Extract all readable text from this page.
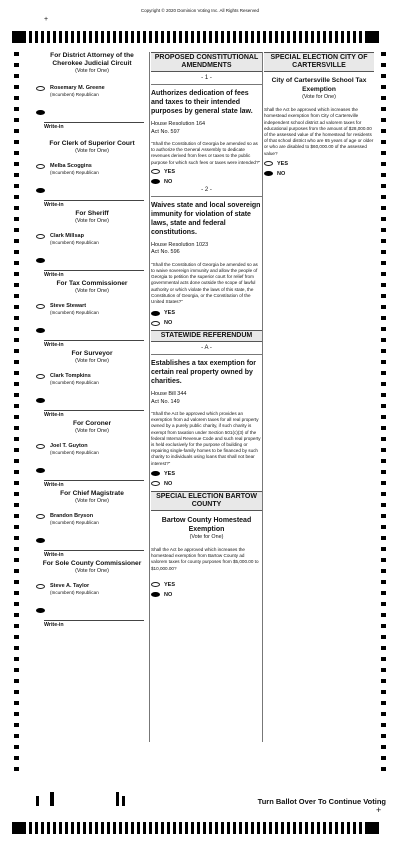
Copyright © 2020 Dominion Voting Inc. All Rights Reserved
+
For District Attorney of the Cherokee Judicial Circuit
(Vote for One)
Rosemary M. Greene
(Incumbent) Republican
Write-in
For Clerk of Superior Court
(Vote for One)
Melba Scoggins
(Incumbent) Republican
Write-in
For Sheriff
(Vote for One)
Clark Millsap
(Incumbent) Republican
Write-in
For Tax Commissioner
(Vote for One)
Steve Stewart
(Incumbent) Republican
Write-in
For Surveyor
(Vote for One)
Clark Tompkins
(Incumbent) Republican
Write-in
For Coroner
(Vote for One)
Joel T. Guyton
(Incumbent) Republican
Write-in
For Chief Magistrate
(Vote for One)
Brandon Bryson
(Incumbent) Republican
Write-in
For Sole County Commissioner
(Vote for One)
Steve A. Taylor
(Incumbent) Republican
Write-in
PROPOSED CONSTITUTIONAL AMENDMENTS
- 1 -
Authorizes dedication of fees and taxes to their intended purposes by general state law.
House Resolution 164
Act No. 597
"Shall the Constitution of Georgia be amended so as to authorize the General Assembly to dedicate revenues derived from fees or taxes to the public purpose for which such fees or taxes were intended?"
YES
NO
- 2 -
Waives state and local sovereign immunity for violation of state laws, state and federal constitutions.
House Resolution 1023
Act No. 596
"Shall the Constitution of Georgia be amended so as to waive sovereign immunity and allow the people of Georgia to petition the superior court for relief from governmental acts done outside the scope of lawful authority or which violate the laws of this state, the Constitution of Georgia, or the Constitution of the United States?"
YES
NO
STATEWIDE REFERENDUM
- A -
Establishes a tax exemption for certain real property owned by charities.
House Bill 344
Act No. 149
"Shall the Act be approved which provides an exemption from ad valorem taxes for all real property owned by a purely public charity, if such charity is exempt from taxation under Section 501(c)(3) of the federal Internal Revenue Code and such real property is held exclusively for the purpose of building or repairing single-family homes to be financed by such charity to individuals using loans that shall not bear interest?"
YES
NO
SPECIAL ELECTION BARTOW COUNTY
Bartow County Homestead Exemption
(Vote for One)
Shall the Act be approved which increases the homestead exemption from Bartow County ad valorem taxes for county purposes from $5,000.00 to $10,000.00?
YES
NO
SPECIAL ELECTION CITY OF CARTERSVILLE
City of Cartersville School Tax Exemption
(Vote for One)
Shall the Act be approved which increases the homestead exemption from City of Cartersville independent school district ad valorem taxes for educational purposes from the amount of $28,000.00 of the assessed value of the homestead for residents of that school district who are 65 years of age or older or who are disabled to $60,000.00 of the assessed value?
YES
NO
Turn Ballot Over To Continue Voting
+
